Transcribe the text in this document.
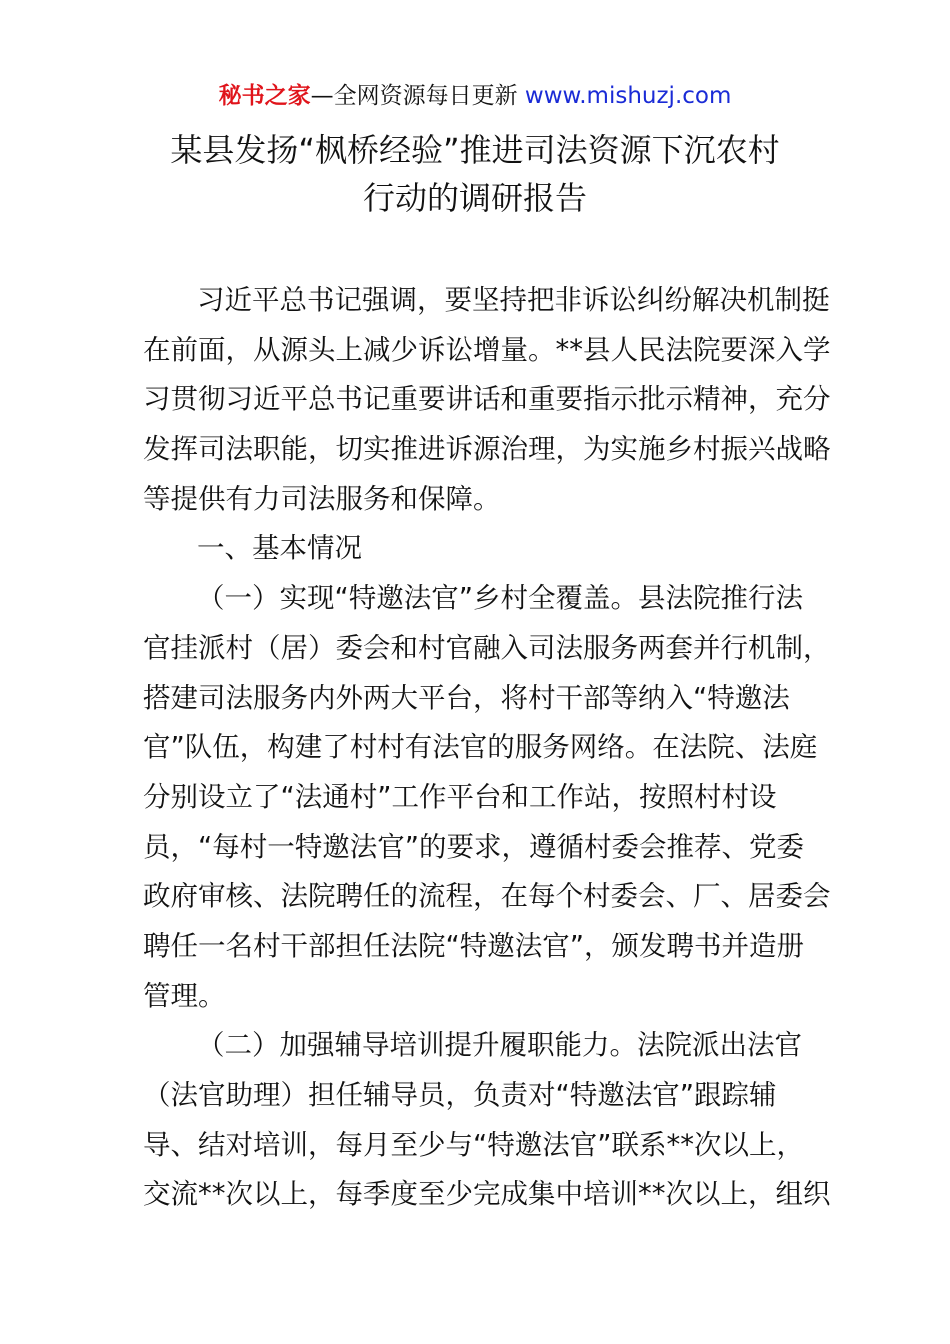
秘书之家—全网资源每日更新 www.mishuzj.com
某县发扬“枫桥经验”推进司法资源下沉农村
行动的调研报告
习近平总书记强调，要坚持把非诉讼纠纷解决机制挺
在前面，从源头上减少诉讼增量。**县人民法院要深入学
习贯彻习近平总书记重要讲话和重要指示批示精神，充分
发挥司法职能，切实推进诉源治理，为实施乡村振兴战略
等提供有力司法服务和保障。
一、基本情况
（一）实现“特邀法官”乡村全覆盖。县法院推行法
官挂派村（居）委会和村官融入司法服务两套并行机制，
搭建司法服务内外两大平台，将村干部等纳入“特邀法
官”队伍，构建了村村有法官的服务网络。在法院、法庭
分别设立了“法通村”工作平台和工作站，按照村村设
员，“每村一特邀法官”的要求，遵循村委会推荐、党委
政府审核、法院聘任的流程，在每个村委会、厂、居委会
聘任一名村干部担任法院“特邀法官”，颁发聘书并造册
管理。
（二）加强辅导培训提升履职能力。法院派出法官
（法官助理）担任辅导员，负责对“特邀法官”跟踪辅
导、结对培训，每月至少与“特邀法官”联系**次以上，
交流**次以上，每季度至少完成集中培训**次以上，组织
